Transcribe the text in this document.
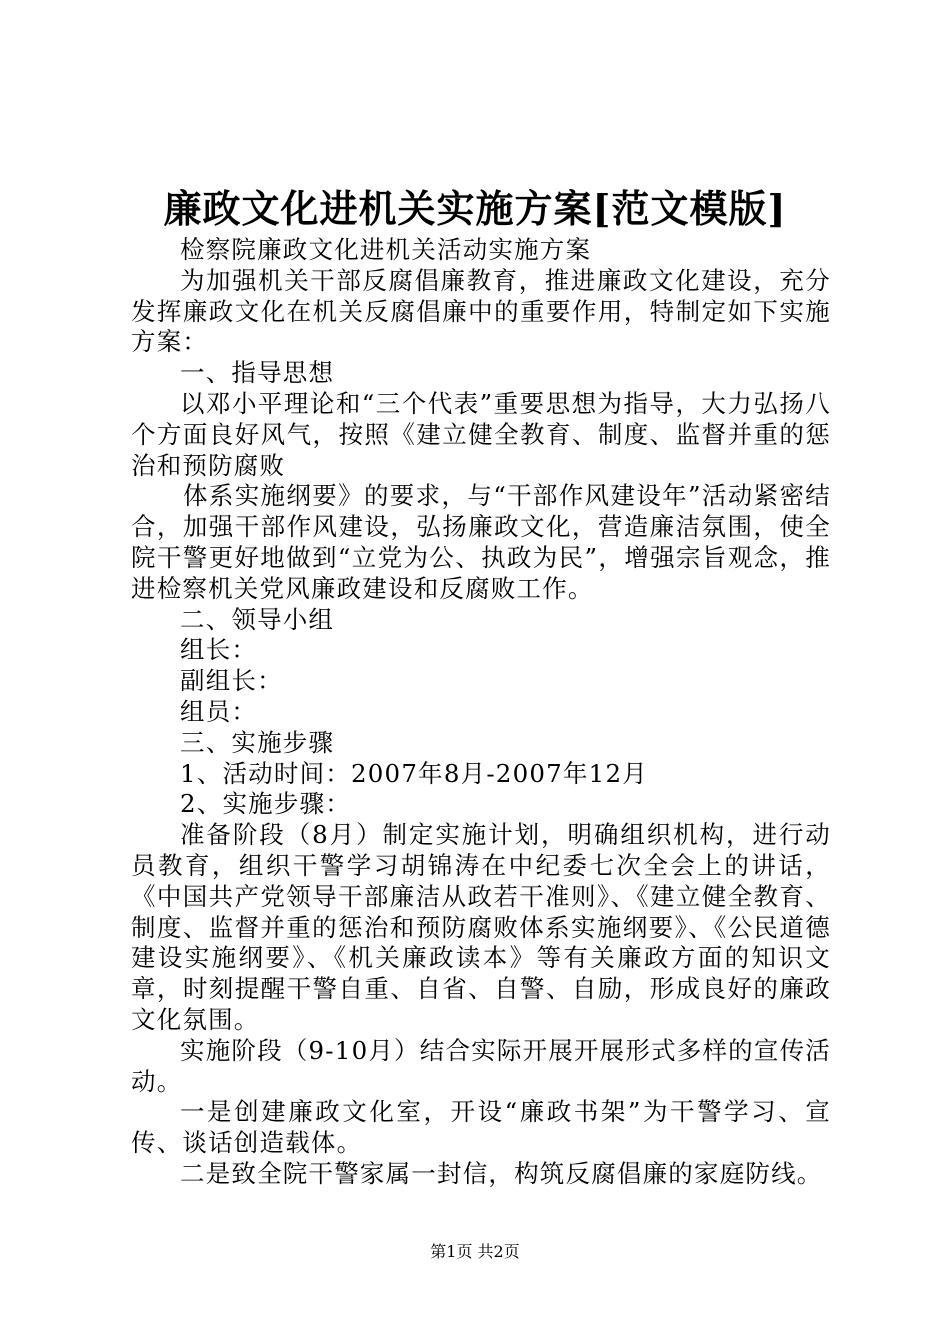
廉政文化进机关实施方案[范文模版]

检察院廉政文化进机关活动实施方案

为加强机关干部反腐倡廉教育，推进廉政文化建设，充分发挥廉政文化在机关反腐倡廉中的重要作用，特制定如下实施方案：

一、指导思想

以邓小平理论和“三个代表”重要思想为指导，大力弘扬八个方面良好风气，按照《建立健全教育、制度、监督并重的惩治和预防腐败

体系实施纲要》的要求，与“干部作风建设年”活动紧密结合，加强干部作风建设，弘扬廉政文化，营造廉洁氛围，使全院干警更好地做到“立党为公、执政为民”，增强宗旨观念，推进检察机关党风廉政建设和反腐败工作。

二、领导小组

组长：

副组长：

组员：

三、实施步骤

1、活动时间：2007年8月-2007年12月

2、实施步骤：

准备阶段（8月）制定实施计划，明确组织机构，进行动员教育，组织干警学习胡锦涛在中纪委七次全会上的讲话，《中国共产党领导干部廉洁从政若干准则》、《建立健全教育、制度、监督并重的惩治和预防腐败体系实施纲要》、《公民道德建设实施纲要》、《机关廉政读本》等有关廉政方面的知识文章，时刻提醒干警自重、自省、自警、自励，形成良好的廉政文化氛围。

实施阶段（9-10月）结合实际开展开展形式多样的宣传活动。

一是创建廉政文化室，开设“廉政书架”为干警学习、宣传、谈话创造载体。

二是致全院干警家属一封信，构筑反腐倡廉的家庭防线。

第1页 共2页
